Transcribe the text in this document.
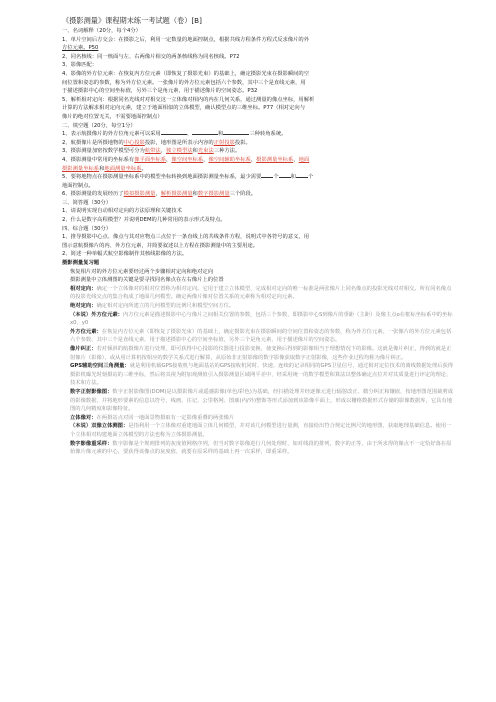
《摄影测量》课程期末练一考试题（卷）[B]
一、名词解释（20分，每个4分）
1、单片空间后方交会：在摄影之后，利用一定数量的地面控制点，根据共线方程条件方程式反求像片的外
方位元素。P50
2、同名核线：同一核面与左、右两像片相交的两条核线称为同名核线。P72
3、影像匹配：
4、影像的外方位元素：在恢复内方位元素（即恢复了摄影光束）的基础上，确定摄影光束在摄影瞬间的空
间位置和姿态的参数，称为外方位元素。一张像片的外方位元素包括六个参数，其中三个是直线元素，用
于描述摄影中心的空间坐标值，另外三个是角元素，用于描述像片的空间姿态。P32
5、解析相对定向：根据同名光线对对相交这一立体像对相内的内在几何关系，通过测量的像点坐标，用解析
计算的方法解求相对定向元素，建立于地面相似的立体模型，确认模型点的三维坐标。P77（相对定向与
像片的绝对位置无关，不需要地面控制点）
二、填空题（20分，每空1分）
1、表示航摄像片的外方位角元素可以采用	、	和	三种转角系统。
2、航摄像片是所摄地物的中心投影投影，地形图是所表示内容的正射投影投影。
3、摄影测量加密按数学模型可分为航带法，独立模型法和光束法三种方法。
4、摄影测量中常用的坐标系有像平面坐标系，像空间坐标系，像空间辅助坐标系，摄影测量坐标系，地面
摄影测量坐标系和地面测量坐标系。
5、要将地物点在摄影测量坐标系中的模型坐标转换到地面摄影测量坐标系，最少需要 个 和 个
地面控制点。
6、摄影测量的发展经历了模拟摄影测量，解析摄影测量和数字摄影测量三个阶段。
三、简答题（30分）
1、请说明实现自动相对定向的方法原理和关键技术
2、什么是数字高程模型？并说明DEM的几种常用的表示形式及特点。
四、综合题（30分）
1、推导摄影中心点、像点与其对应物点三点位于一条直线上的共线条件方程，说明式中各符号的意义，用
图示意航摄像片的内、外方位元素，并简要叙述以上方程在摄影测量中的主要用途。
2、简述一种单幅式航空影像制作其核线影像的方法。
摄影测量复习题
恢复相片对的外方位元素要经过两个步骤相对定向和绝对定向
摄影测量中立体测图的关键是要寻找同名像点在左右像片上的位置
相对定向：确定一个立体像对的相对位置称为相对定向。它用于建立立体模型，完成相对定向的唯一标准是两张像片上同名像点的投影光线对对相交。所有同名像点的投影光线交点的集合构成了地面几何模型。确定两像片像对位置关系的元素称为相对定向元素。
绝对定向：确定相对定向所建立的几何模型的比例尺和模型空间方位。
（本说）外方位元素：内方位元素是描述摄影中心与像片之间相关位置的参数，包括三个参数，即摄影中心S到像片的垂距（主距）及像主点o在框标坐标系中的坐标x0、y0
外方位元素：在恢复内方位元素（即恢复了摄影光束）的基础上，确定摄影光束在摄影瞬间的空间位置和姿态的参数，称为外方位元素。一张像片的外方位元素包括六个参数，其中三个是直线元素，用于描述摄影中心的空间坐标值，另外三个是角元素，用于描述像片的空间姿态。
像片纠正：若对倾斜的航摄像片进行处理，即可获得中心投影的仪器进行投影变换，使变换后得到的影像相当于理想情况下的影像。这就是像片纠正，得到的就是正射像片（影像），或从用计算机按相应的数学关系式进行解算，从原始非正射影像的数字影像获取数字正射影像，这些作业过程均称为像片纠正。
GPS辅助空间三角测量：就是利用机载GPS接收机与地面基站的GPS接收机同时、快速、连续的记录相同的GPS卫星信号，通过相对定位技术的离线数据处理后获得摄影机曝光时刻摄站的三维坐标，然后将其视为附加观测值引入摄影测量区域网平差中，经采用统一的数学模型和算法以整体确定点位并对其质量进行评定的理论、技术和方法。
数字正射影像图：数字正射影像图(DOM)是以摄影像片或遥感影像(单色/彩色)为基础，经扫描处理并经逐像元进行辐射改正、微分纠正和镶嵌，按地形图范围裁剪成的影像数据，并将地形要素的信息以符号、线画、注记、公里格网、图廓(内/外)整饰等形式添加到该影像平面上，形成以栅格数据形式存储的影像数据库，它具有地图的几何精度和影像特征。
立体像对：在两摄站点对同一地面景物摄取有一定影像重叠的两张像片
（本说）双像立体测图：是指利用一个立体像对重建地面立体几何模型，并对该几何模型进行量测，直接给出符合规定比例尺的地形图，获取地理基础信息。使用一个立体相对构建地面立体模型的方法也称为立体摄影测量。
数字影像重采样：数字影像是个规则排列的灰度值网格序列，但当对数字影像进行几何处理时，如对线段的排列，数字的正等，由于所求得的像点不一定恰好落在原始像片像元素的中心，要获得该像点的灰度值，就要在原采样的基础上再一次采样，即重采样。
